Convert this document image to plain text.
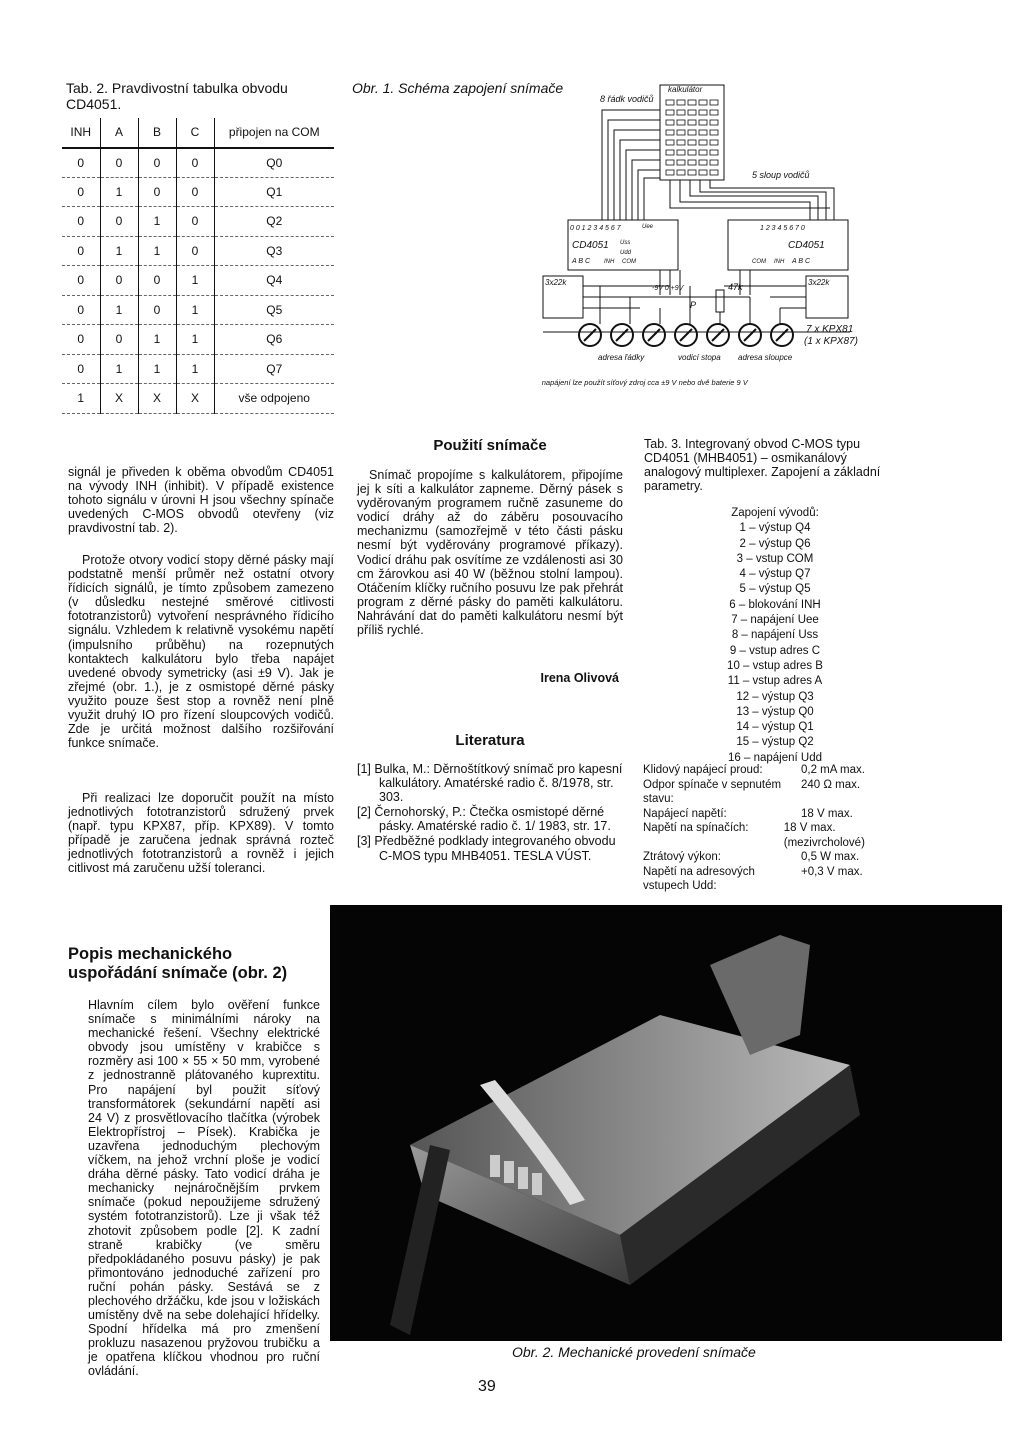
Tab. 2. Pravdivostní tabulka obvodu CD4051.
INH	A	B	C	připojen na COM
0	0	0	0	Q0
0	1	0	0	Q1
0	0	1	0	Q2
0	1	1	0	Q3
0	0	0	1	Q4
0	1	0	1	Q5
0	0	1	1	Q6
0	1	1	1	Q7
1	X	X	X	vše odpojeno
Obr. 1. Schéma zapojení snímače
8 řádk vodičů
kalkulátor
5 sloup vodičů
0 0 1 2 3 4 5 6 7
CD4051
A B C INH COM
Uss
Uee
Udd
1 2 3 4 5 6 7 0
CD4051
A B C
INH
COM
-9V 0 +9V
3x22k	3x22k
47k
P
7 x KPX81
(1 x KPX87)
adresa řádky	vodicí stopa adresa sloupce
Pro napájení lze použít síťový zdroj cca ±9 V nebo dvě baterie 9 V
signál je přiveden k oběma obvodům CD4051 na vývody INH (inhibit). V případě existence tohoto signálu v úrovni H jsou všechny spínače uvedených C-MOS obvodů otevřeny (viz pravdivostní tab. 2).
Protože otvory vodicí stopy děrné pásky mají podstatně menší průměr než ostatní otvory řídicích signálů, je tímto způsobem zamezeno (v důsledku nestejné směrové citlivosti fototranzistorů) vytvoření nesprávného řídicího signálu. Vzhledem k relativně vysokému napětí (impulsního průběhu) na rozepnutých kontaktech kalkulátoru bylo třeba napájet uvedené obvody symetricky (asi ±9 V). Jak je zřejmé (obr. 1.), je z osmistopé děrné pásky využito pouze šest stop a rovněž není plně využit druhý IO pro řízení sloupcových vodičů. Zde je určitá možnost dalšího rozšiřování funkce snímače.
Při realizaci lze doporučit použít na místo jednotlivých fototranzistorů sdružený prvek (např. typu KPX87, příp. KPX89). V tomto případě je zaručena jednak správná rozteč jednotlivých fototranzistorů a rovněž i jejich citlivost má zaručenu užší toleranci.
Použití snímače
Snímač propojíme s kalkulátorem, připojíme jej k síti a kalkulátor zapneme. Děrný pásek s vyděrovaným programem ručně zasuneme do vodicí dráhy až do záběru posouvacího mechanizmu (samozřejmě v této části pásku nesmí být vyděrovány programové příkazy). Vodicí dráhu pak osvítíme ze vzdálenosti asi 30 cm žárovkou asi 40 W (běžnou stolní lampou). Otáčením klíčky ručního posuvu lze pak přehrát program z děrné pásky do paměti kalkulátoru. Nahrávání dat do paměti kalkulátoru nesmí být příliš rychlé.
Irena Olivová
Literatura

[1] Bulka, M.: Děrnoštítkový snímač pro kapesní kalkulátory. Amatérské radio č. 8/1978, str. 303.

[2] Černohorský, P.: Čtečka osmistopé děrné pásky. Amatérské radio č. 1/ 1983, str. 17.

[3] Předběžné podklady integrovaného obvodu C-MOS typu MHB4051. TESLA VÚST.

Tab. 3. Integrovaný obvod C-MOS typu CD4051 (MHB4051) – osmikanálový analogový multiplexer. Zapojení a základní parametry.
Zapojení vývodů:
1 – výstup Q4
2 – výstup Q6
3 – vstup COM
4 – výstup Q7
5 – výstup Q5
6 – blokování INH
7 – napájení Uee
8 – napájení Uss
9 – vstup adres C
10 – vstup adres B
11 – vstup adres A
12 – výstup Q3
13 – výstup Q0
14 – výstup Q1
15 – výstup Q2
16 – napájení Udd
Klidový napájecí proud:	0,2 mA max.
Odpor spínače v sepnutém stavu:
240 Ω max.
Napájecí napětí:	18 V max.
Napětí na spínačích:	18 V max. (mezivrcholové)
Ztrátový výkon:	0,5 W max.
Napětí na adresových vstupech Udd:
+0,3 V max.
Popis mechanického uspořádání snímače (obr. 2)
Hlavním cílem bylo ověření funkce snímače s minimálními nároky na mechanické řešení. Všechny elektrické obvody jsou umístěny v krabičce s rozměry asi 100 × 55 × 50 mm, vyrobené z jednostranně plátovaného kuprextitu. Pro napájení byl použit síťový transformátorek (sekundární napětí asi 24 V) z prosvětlovacího tlačítka (výrobek Elektropřístroj – Písek). Krabička je uzavřena jednoduchým plechovým víčkem, na jehož vrchní ploše je vodicí dráha děrné pásky. Tato vodicí dráha je mechanicky nejnáročnějším prvkem snímače (pokud nepoužijeme sdružený systém fototranzistorů). Lze ji však též zhotovit způsobem podle [2]. K zadní straně krabičky (ve směru předpokládaného posuvu pásky) je pak přimontováno jednoduché zařízení pro ruční pohán pásky. Sestává se z plechového držáčku, kde jsou v ložiskách umístěny dvě na sebe dolehající hřídelky. Spodní hřídelka má pro zmenšení prokluzu nasazenou pryžovou trubičku a je opatřena klíčkou vhodnou pro ruční ovládání.
Obr. 2. Mechanické provedení snímače
39
